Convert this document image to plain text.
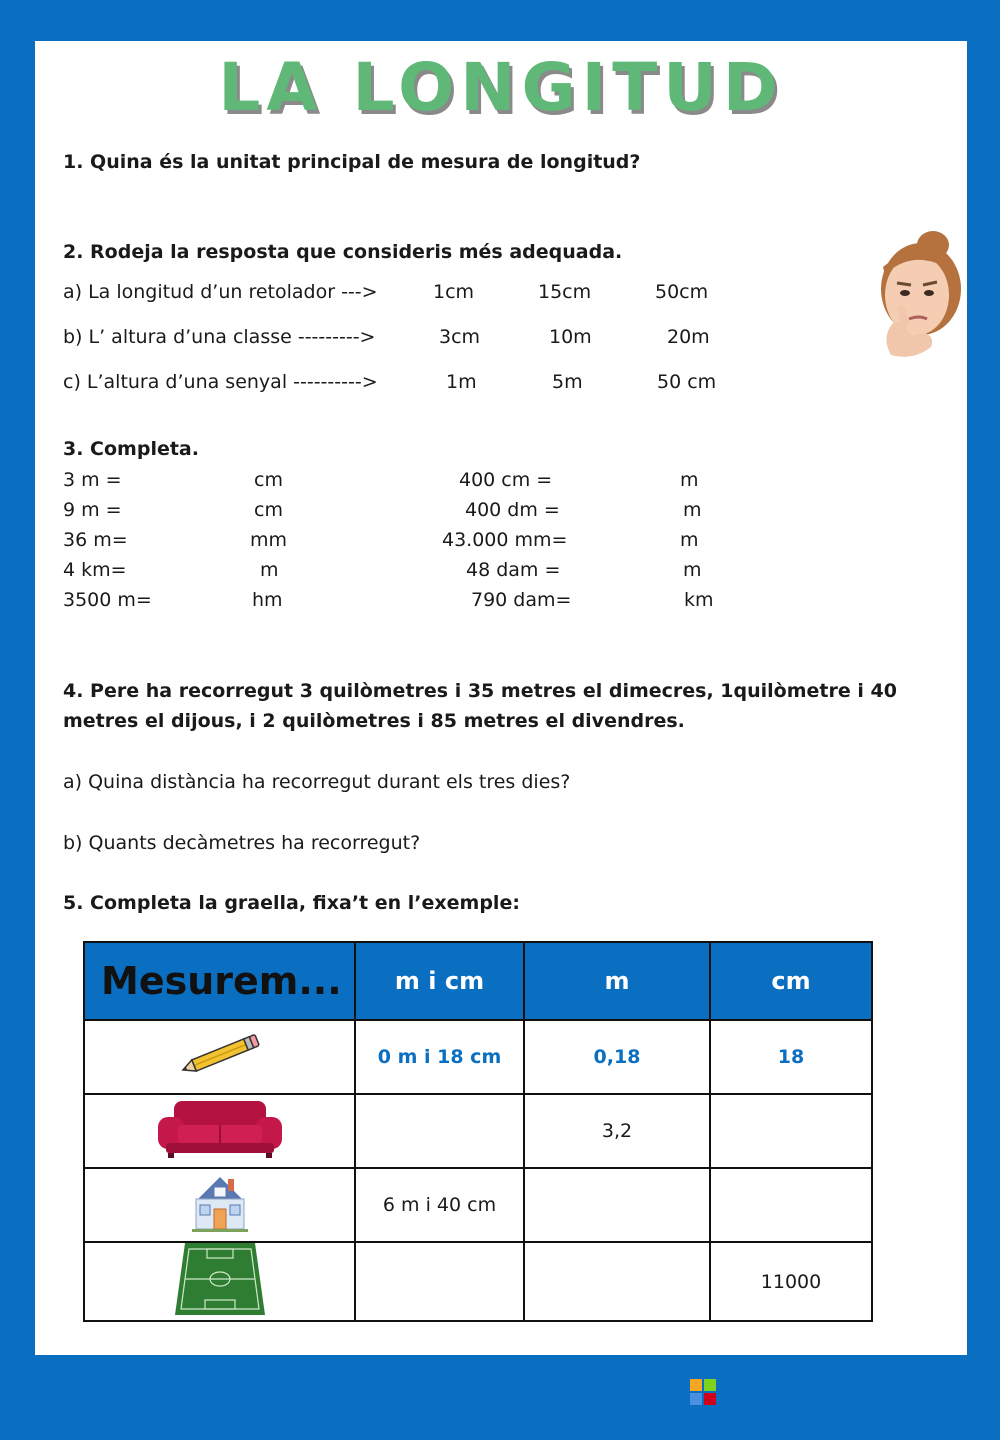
LA LONGITUD
1. Quina és la unitat principal de mesura de longitud?
2. Rodeja la resposta que consideris més adequada.
a) La longitud d’un retolador --->	1cm	15cm	50cm
b) L’ altura d’una classe --------->	3cm	10m	20m
c) L’altura d’una senyal ---------->	1m	5m	50 cm
3. Completa.
3 m =	cm	400 cm =	m
9 m =	cm	400 dm =	m
36 m=	mm	43.000 mm=	m
4 km=	m	48 dam =	m
3500 m=	hm	790 dam=	km
4. Pere ha recorregut 3 quilòmetres i 35 metres el dimecres, 1quilòmetre i 40
metres el dijous, i 2 quilòmetres i 85 metres el divendres.
a) Quina distància ha recorregut durant els tres dies?
b) Quants decàmetres ha recorregut?
5. Completa la graella, fixa’t en l’exemple:
Mesurem...	m i cm	m	cm
	0 m i 18 cm	0,18	18
		3,2	
	6 m i 40 cm		
			11000
LIVEWORKSHEETS
